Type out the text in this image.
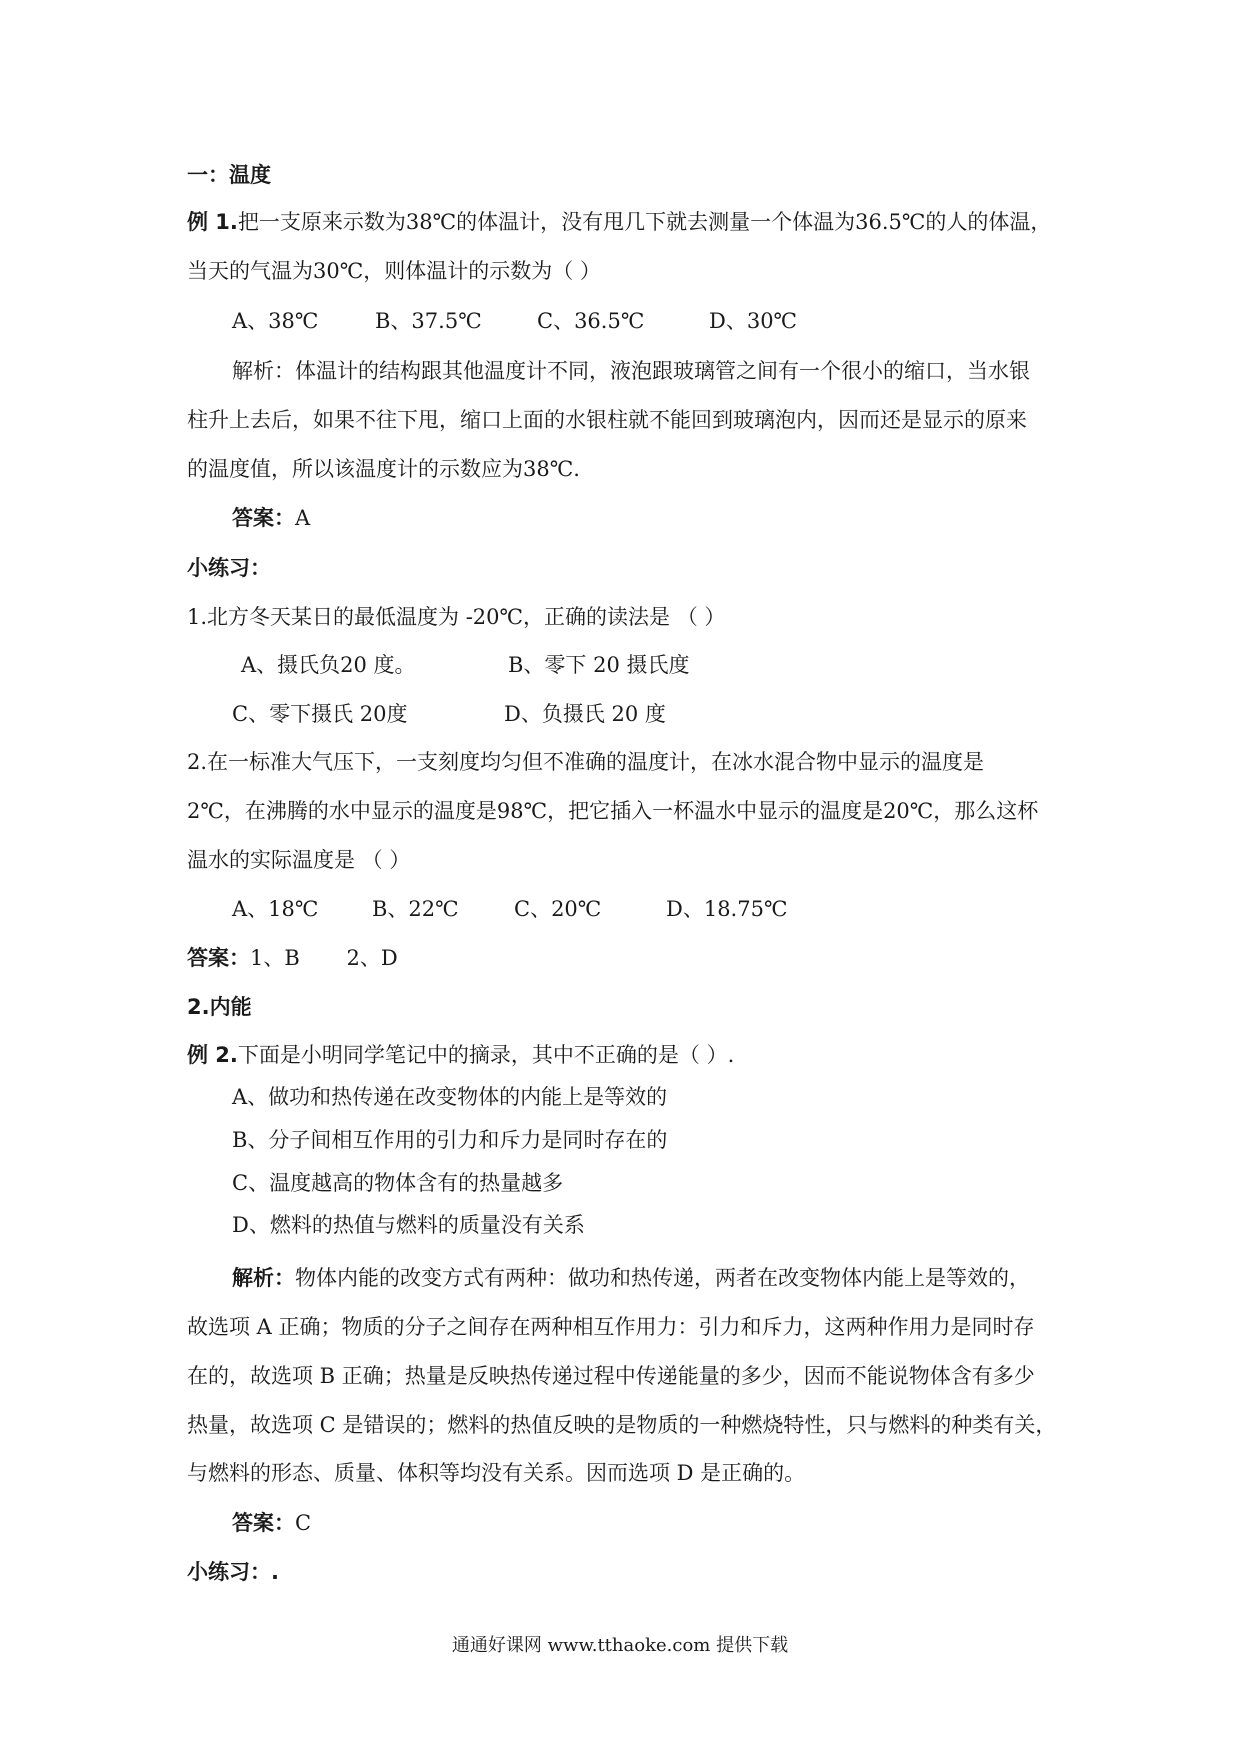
一：温度
例 1.把一支原来示数为38℃的体温计，没有甩几下就去测量一个体温为36.5℃的人的体温，
当天的气温为30℃，则体温计的示数为（ ）
A、38℃	B、37.5℃	C、36.5℃	D、30℃
解析：体温计的结构跟其他温度计不同，液泡跟玻璃管之间有一个很小的缩口，当水银
柱升上去后，如果不往下甩，缩口上面的水银柱就不能回到玻璃泡内，因而还是显示的原来
的温度值，所以该温度计的示数应为38℃.
答案：A
小练习：
1.北方冬天某日的最低温度为 -20℃，正确的读法是 （ ）
A、摄氏负20 度。	B、零下 20 摄氏度
C、零下摄氏 20度	D、负摄氏 20 度
2.在一标准大气压下，一支刻度均匀但不准确的温度计，在冰水混合物中显示的温度是
2℃，在沸腾的水中显示的温度是98℃，把它插入一杯温水中显示的温度是20℃，那么这杯
温水的实际温度是 （ ）
A、18℃	B、22℃	C、20℃	D、18.75℃
答案：1、B       2、D
2.内能
例 2.下面是小明同学笔记中的摘录，其中不正确的是（ ）.
A、做功和热传递在改变物体的内能上是等效的
B、分子间相互作用的引力和斥力是同时存在的
C、温度越高的物体含有的热量越多
D、燃料的热值与燃料的质量没有关系
解析：物体内能的改变方式有两种：做功和热传递，两者在改变物体内能上是等效的，
故选项 A 正确；物质的分子之间存在两种相互作用力：引力和斥力，这两种作用力是同时存
在的，故选项 B 正确；热量是反映热传递过程中传递能量的多少，因而不能说物体含有多少
热量，故选项 C 是错误的；燃料的热值反映的是物质的一种燃烧特性，只与燃料的种类有关，
与燃料的形态、质量、体积等均没有关系。因而选项 D 是正确的。
答案：C
小练习：.
通通好课网 www.tthaoke.com 提供下载
